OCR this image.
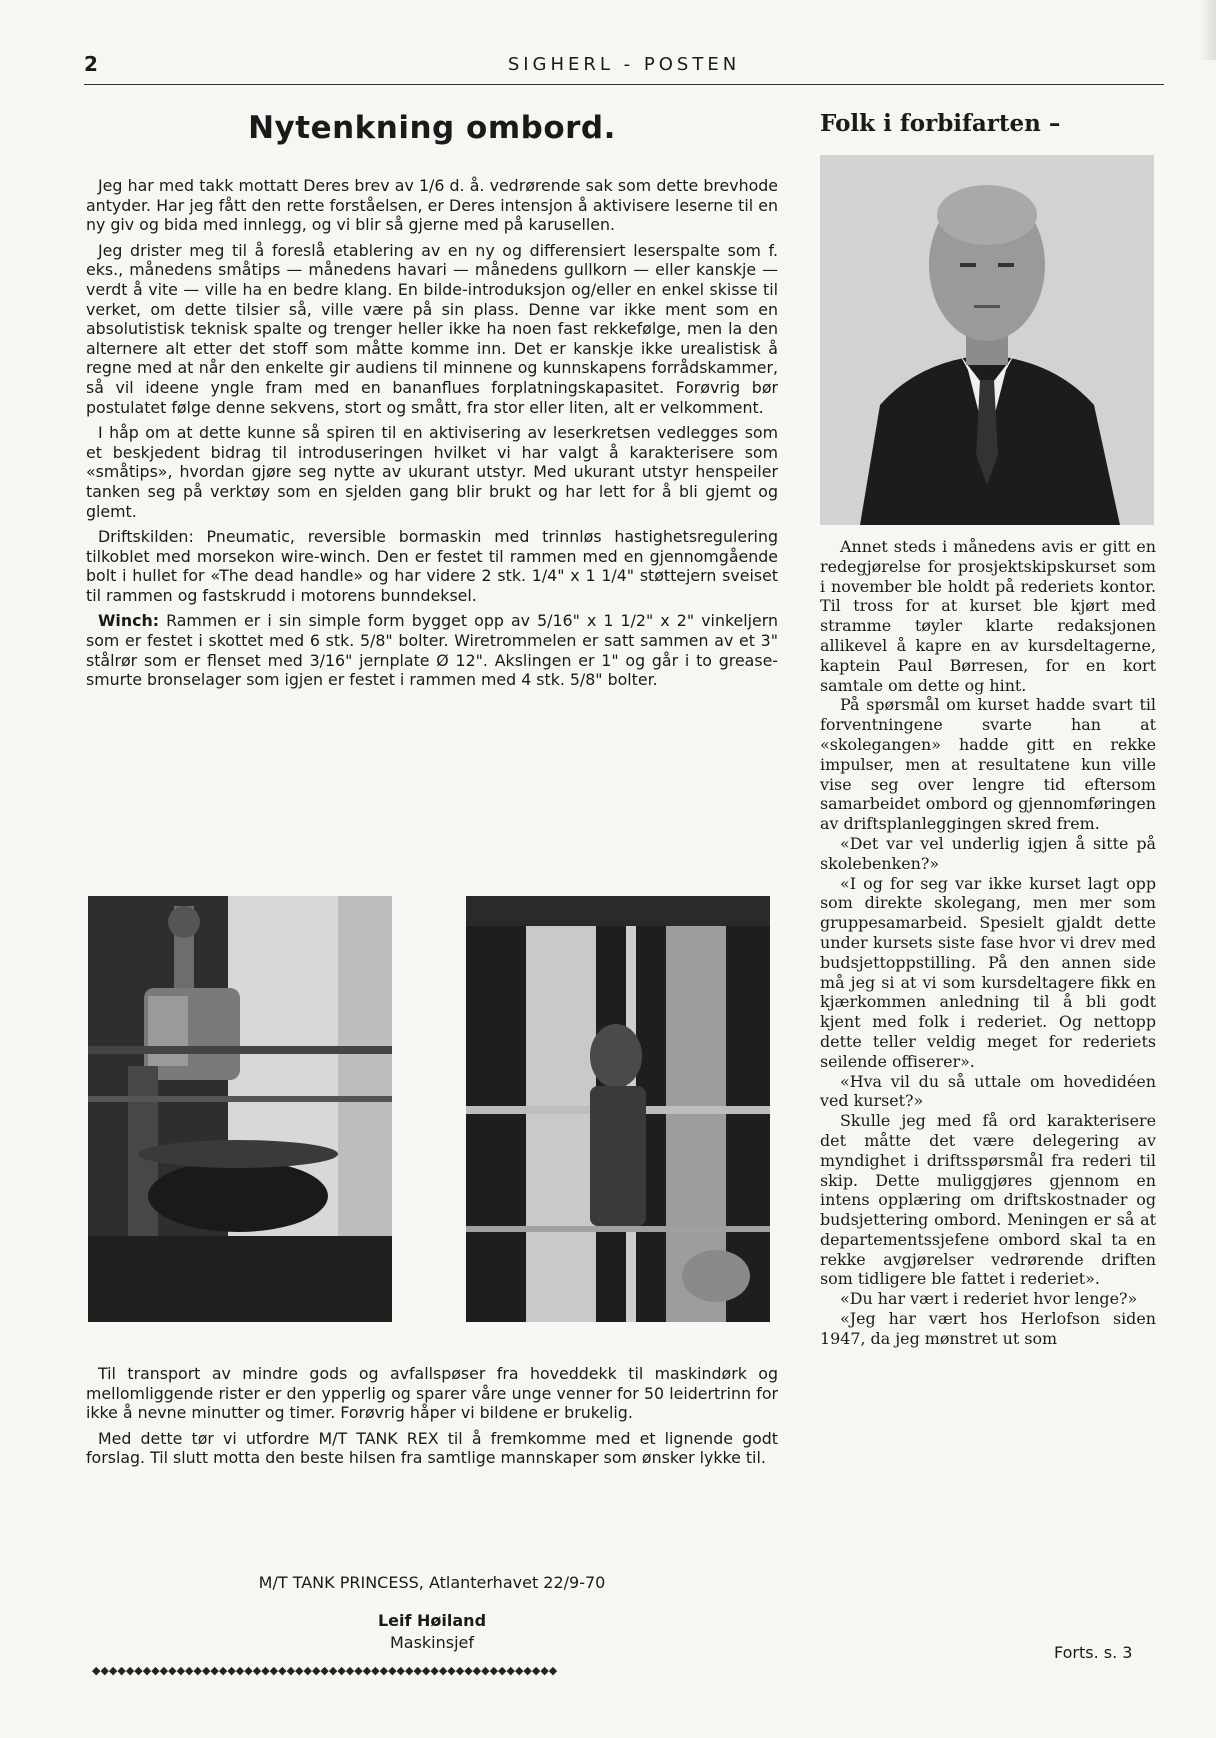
2	SIGHERL - POSTEN
Nytenkning ombord.

Jeg har med takk mottatt Deres brev av 1/6 d. å. vedrørende sak som dette brevhode antyder. Har jeg fått den rette forståelsen, er Deres intensjon å aktivisere leserne til en ny giv og bida med innlegg, og vi blir så gjerne med på karusellen.

Jeg drister meg til å foreslå etablering av en ny og differensiert leserspalte som f. eks., månedens småtips — månedens havari — månedens gullkorn — eller kanskje — verdt å vite — ville ha en bedre klang. En bilde-introduksjon og/eller en enkel skisse til verket, om dette tilsier så, ville være på sin plass. Denne var ikke ment som en absolutistisk teknisk spalte og trenger heller ikke ha noen fast rekkefølge, men la den alternere alt etter det stoff som måtte komme inn. Det er kanskje ikke urealistisk å regne med at når den enkelte gir audiens til minnene og kunnskapens forrådskammer, så vil ideene yngle fram med en bananflues forplatningskapasitet. Forøvrig bør postulatet følge denne sekvens, stort og smått, fra stor eller liten, alt er velkomment.

I håp om at dette kunne så spiren til en aktivisering av leserkretsen vedlegges som et beskjedent bidrag til introduseringen hvilket vi har valgt å karakterisere som «småtips», hvordan gjøre seg nytte av ukurant utstyr. Med ukurant utstyr henspeiler tanken seg på verktøy som en sjelden gang blir brukt og har lett for å bli gjemt og glemt.

Driftskilden: Pneumatic, reversible bormaskin med trinnløs hastighetsregulering tilkoblet med morsekon wire-winch. Den er festet til rammen med en gjennomgående bolt i hullet for «The dead handle» og har videre 2 stk. 1/4" x 1 1/4" støttejern sveiset til rammen og fastskrudd i motorens bunndeksel.

Winch: Rammen er i sin simple form bygget opp av 5/16" x 1 1/2" x 2" vinkeljern som er festet i skottet med 6 stk. 5/8" bolter. Wiretrommelen er satt sammen av et 3" stålrør som er flenset med 3/16" jernplate Ø 12". Akslingen er 1" og går i to grease-smurte bronselager som igjen er festet i rammen med 4 stk. 5/8" bolter.

Til transport av mindre gods og avfallspøser fra hoveddekk til maskindørk og mellomliggende rister er den ypperlig og sparer våre unge venner for 50 leidertrinn for ikke å nevne minutter og timer. Forøvrig håper vi bildene er brukelig.

Med dette tør vi utfordre M/T TANK REX til å fremkomme med et lignende godt forslag. Til slutt motta den beste hilsen fra samtlige mannskaper som ønsker lykke til.

M/T TANK PRINCESS, Atlanterhavet 22/9-70
Leif Høiland
Maskinsjef
◆◆◆◆◆◆◆◆◆◆◆◆◆◆◆◆◆◆◆◆◆◆◆◆◆◆◆◆◆◆◆◆◆◆◆◆◆◆◆◆◆◆◆◆◆◆◆◆◆◆◆◆◆◆◆
Folk i forbifarten –

Annet steds i månedens avis er gitt en redegjørelse for prosjektskipskurset som i november ble holdt på rederiets kontor. Til tross for at kurset ble kjørt med stramme tøyler klarte redaksjonen allikevel å kapre en av kursdeltagerne, kaptein Paul Børresen, for en kort samtale om dette og hint.

På spørsmål om kurset hadde svart til forventningene svarte han at «skolegangen» hadde gitt en rekke impulser, men at resultatene kun ville vise seg over lengre tid eftersom samarbeidet ombord og gjennomføringen av driftsplanleggingen skred frem.

«Det var vel underlig igjen å sitte på skolebenken?»

«I og for seg var ikke kurset lagt opp som direkte skolegang, men mer som gruppesamarbeid. Spesielt gjaldt dette under kursets siste fase hvor vi drev med budsjettoppstilling. På den annen side må jeg si at vi som kursdeltagere fikk en kjærkommen anledning til å bli godt kjent med folk i rederiet. Og nettopp dette teller veldig meget for rederiets seilende offiserer».

«Hva vil du så uttale om hovedidéen ved kurset?»

Skulle jeg med få ord karakterisere det måtte det være delegering av myndighet i driftsspørsmål fra rederi til skip. Dette muliggjøres gjennom en intens opplæring om driftskostnader og budsjettering ombord. Meningen er så at departementssjefene ombord skal ta en rekke avgjørelser vedrørende driften som tidligere ble fattet i rederiet».

«Du har vært i rederiet hvor lenge?»

«Jeg har vært hos Herlofson siden 1947, da jeg mønstret ut som

Forts. s. 3
